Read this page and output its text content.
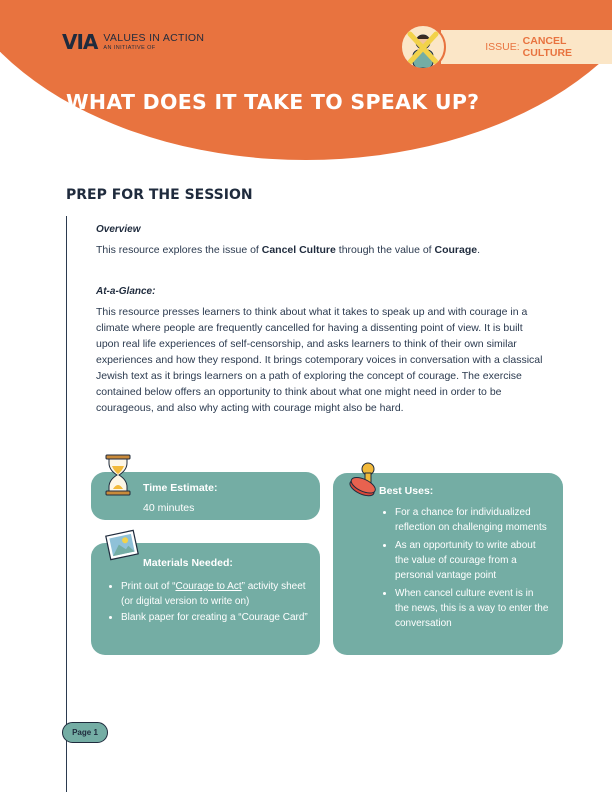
VIA VALUES IN ACTION
AN INITIATIVE OF	ISSUE: CANCEL CULTURE
WHAT DOES IT TAKE TO SPEAK UP?
PREP FOR THE SESSION
Overview
This resource explores the issue of Cancel Culture through the value of Courage.
At-a-Glance:
This resource presses learners to think about what it takes to speak up and with courage in a climate where people are frequently cancelled for having a dissenting point of view. It is built upon real life experiences of self-censorship, and asks learners to think of their own similar experiences and how they respond. It brings cotemporary voices in conversation with a classical Jewish text as it brings learners on a path of exploring the concept of courage. The exercise contained below offers an opportunity to think about what one might need in order to be courageous, and also why acting with courage might also be hard.
Time Estimate:
40 minutes
Materials Needed:
• Print out of “Courage to Act” activity sheet (or digital version to write on)
• Blank paper for creating a “Courage Card”
Best Uses:
• For a chance for individualized reflection on challenging moments
• As an opportunity to write about the value of courage from a personal vantage point
• When cancel culture event is in the news, this is a way to enter the conversation
Page 1
